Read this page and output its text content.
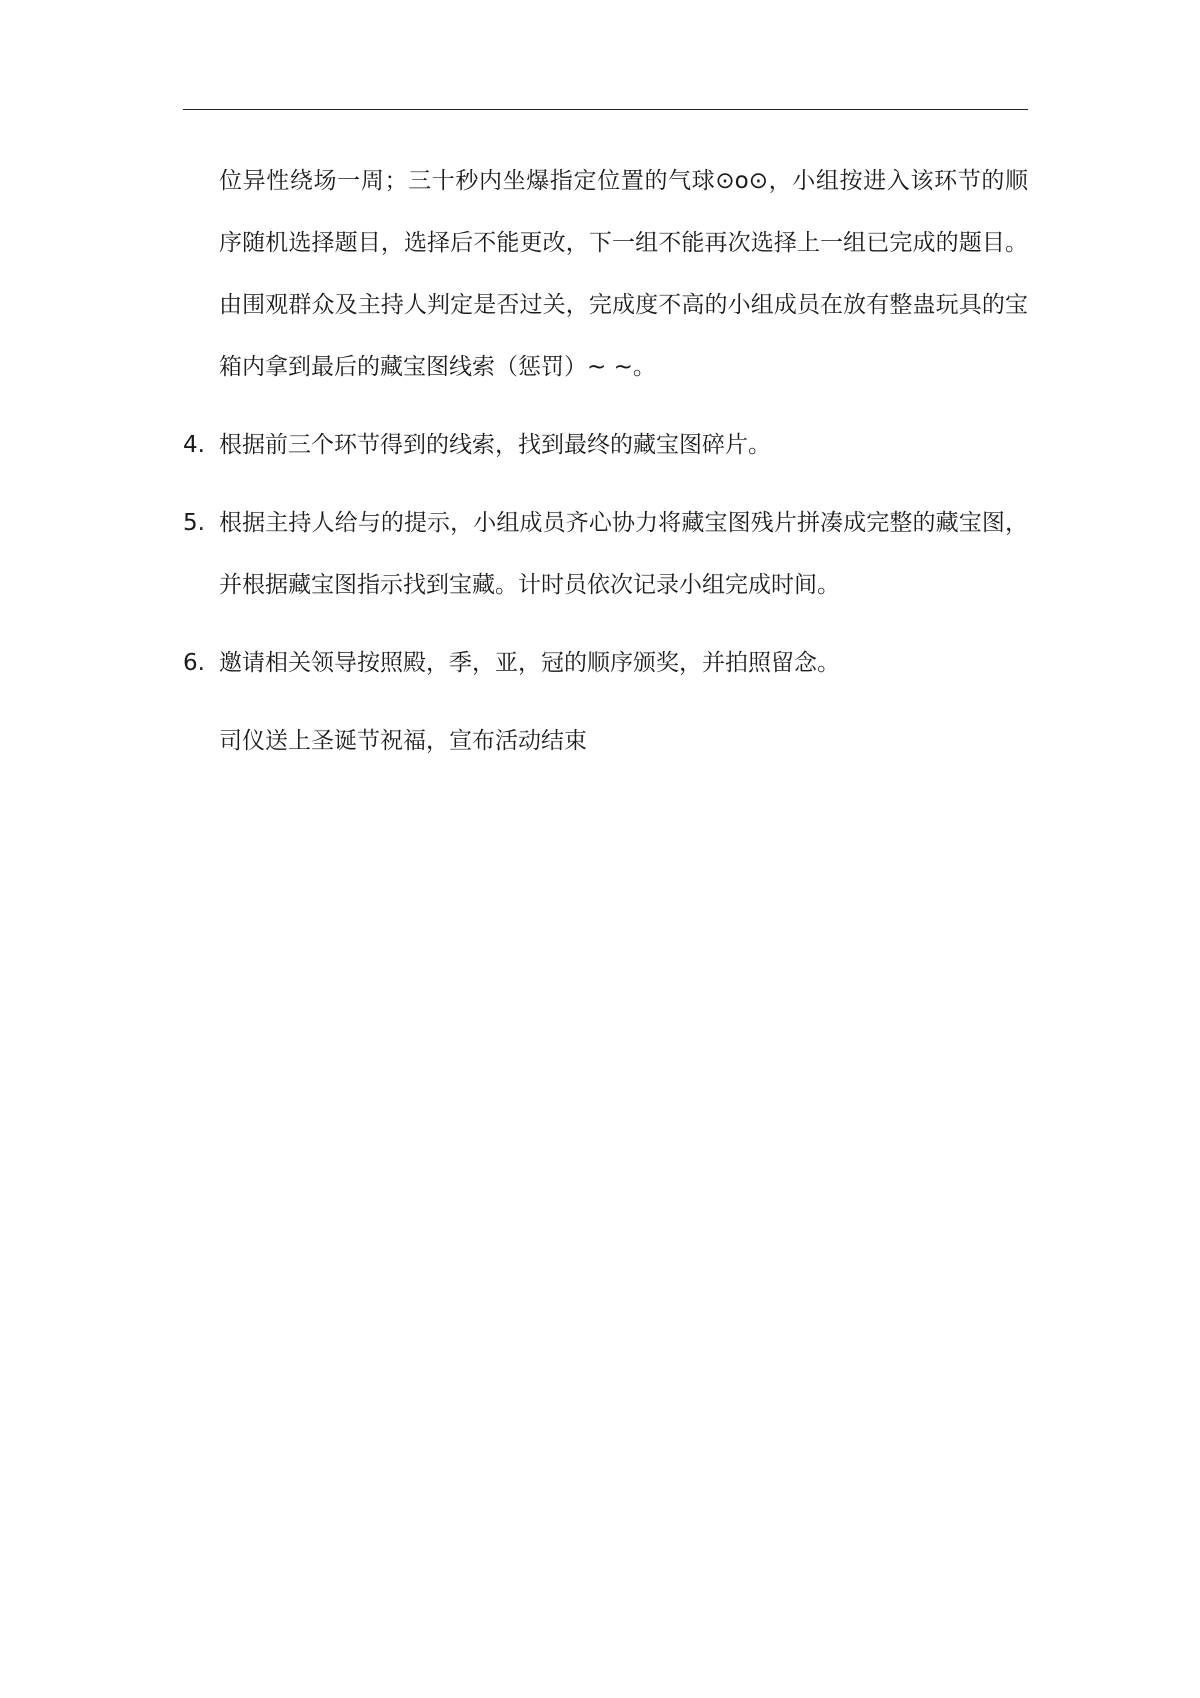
位异性绕场一周；三十秒内坐爆指定位置的气球⊙o⊙，小组按进入该环节的顺序随机选择题目，选择后不能更改，下一组不能再次选择上一组已完成的题目。由围观群众及主持人判定是否过关，完成度不高的小组成员在放有整蛊玩具的宝箱内拿到最后的藏宝图线索（惩罚）~ ~。

4. 根据前三个环节得到的线索，找到最终的藏宝图碎片。
5. 根据主持人给与的提示，小组成员齐心协力将藏宝图残片拼凑成完整的藏宝图，并根据藏宝图指示找到宝藏。计时员依次记录小组完成时间。
6. 邀请相关领导按照殿，季，亚，冠的顺序颁奖，并拍照留念。

司仪送上圣诞节祝福，宣布活动结束
